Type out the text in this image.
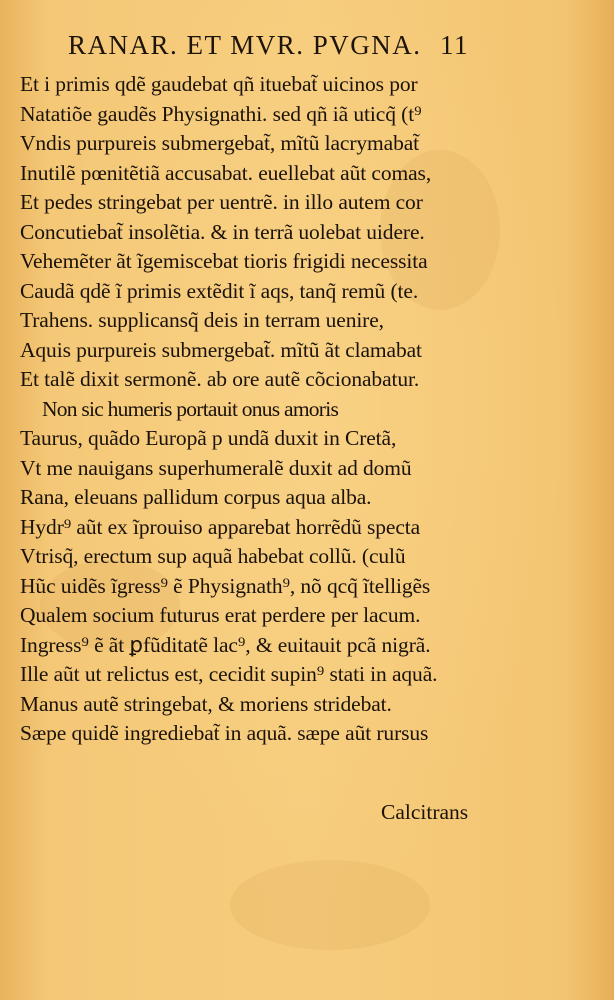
RANAR. ET MVR. PVGNA. 11
Et i primis qdẽ gaudebat qñ ituebat̃ uicinos por
Natatiõe gaudẽs Physignathi. sed qñ iã uticq̃ (t⁹
Vndis purpureis submergebat̃, mĩtũ lacrymabat̃
Inutilẽ pœnitẽtiã accusabat. euellebat aũt comas,
Et pedes stringebat per uentrẽ. in illo autem cor
Concutiebat̃ insolẽtia. & in terrã uolebat uidere.
Vehemẽter ãt ĩgemiscebat tioris frigidi necessita
Caudã qdẽ ĩ primis extẽdit ĩ aqs, tanq̃ remũ (te.
Trahens. supplicansq̃ deis in terram uenire,
Aquis purpureis submergebat̃. mĩtũ ãt clamabat
Et talẽ dixit sermonẽ. ab ore autẽ cõcionabatur.
Non sic humeris portauit onus amoris
Taurus, quãdo Europã p undã duxit in Cretã,
Vt me nauigans superhumeralẽ duxit ad domũ
Rana, eleuans pallidum corpus aqua alba.
Hydr⁹ aũt ex ĩprouiso apparebat horrẽdũ specta
Vtrisq̃, erectum sup aquã habebat collũ. (culũ
Hũc uidẽs ĩgress⁹ ẽ Physignath⁹, nõ qcq̃ ĩtelligẽs
Qualem socium futurus erat perdere per lacum.
Ingress⁹ ẽ ãt ꝑfũditatẽ lac⁹, & euitauit pcã nigrã.
Ille aũt ut relictus est, cecidit supin⁹ stati in aquã.
Manus autẽ stringebat, & moriens stridebat.
Sæpe quidẽ ingrediebat̃ in aquã. sæpe aũt rursus
Calcitrans
